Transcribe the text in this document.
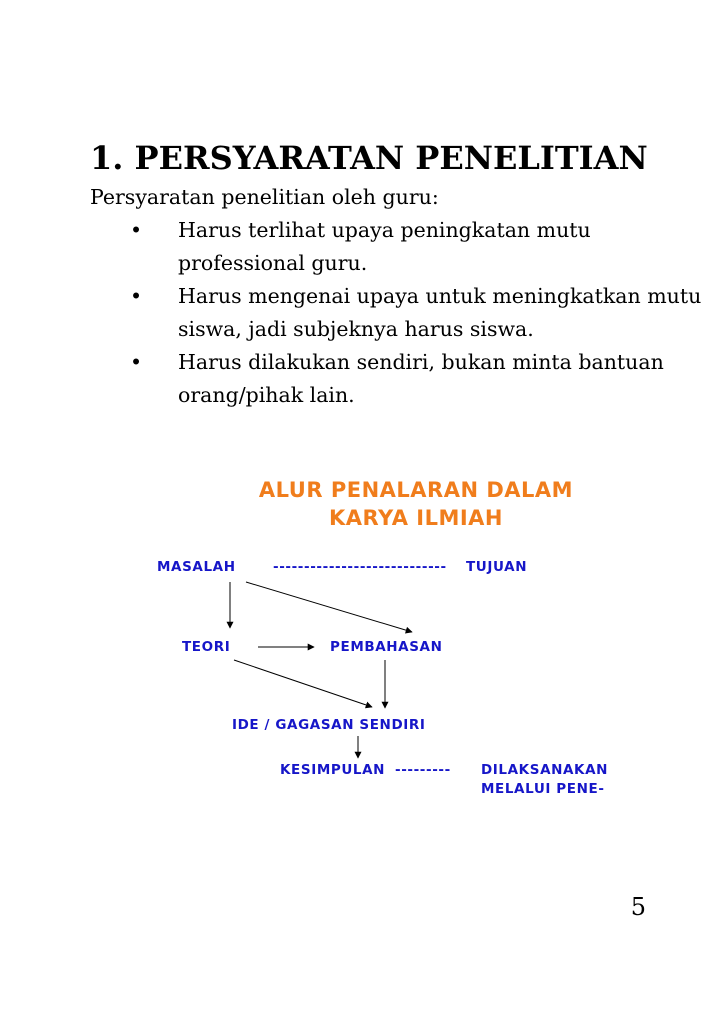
1. PERSYARATAN PENELITIAN
Persyaratan penelitian oleh guru:
• Harus terlihat upaya peningkatan mutu professional guru.
• Harus mengenai upaya untuk meningkatkan mutu siswa, jadi subjeknya harus siswa.
• Harus dilakukan sendiri, bukan minta bantuan orang/pihak lain.
ALUR PENALARAN DALAM KARYA ILMIAH
MASALAH	---------------------------- TUJUAN
TEORI	PEMBAHASAN
IDE / GAGASAN SENDIRI
KESIMPULAN --------- DILAKSANAKAN
MELALUI PENE-
5
